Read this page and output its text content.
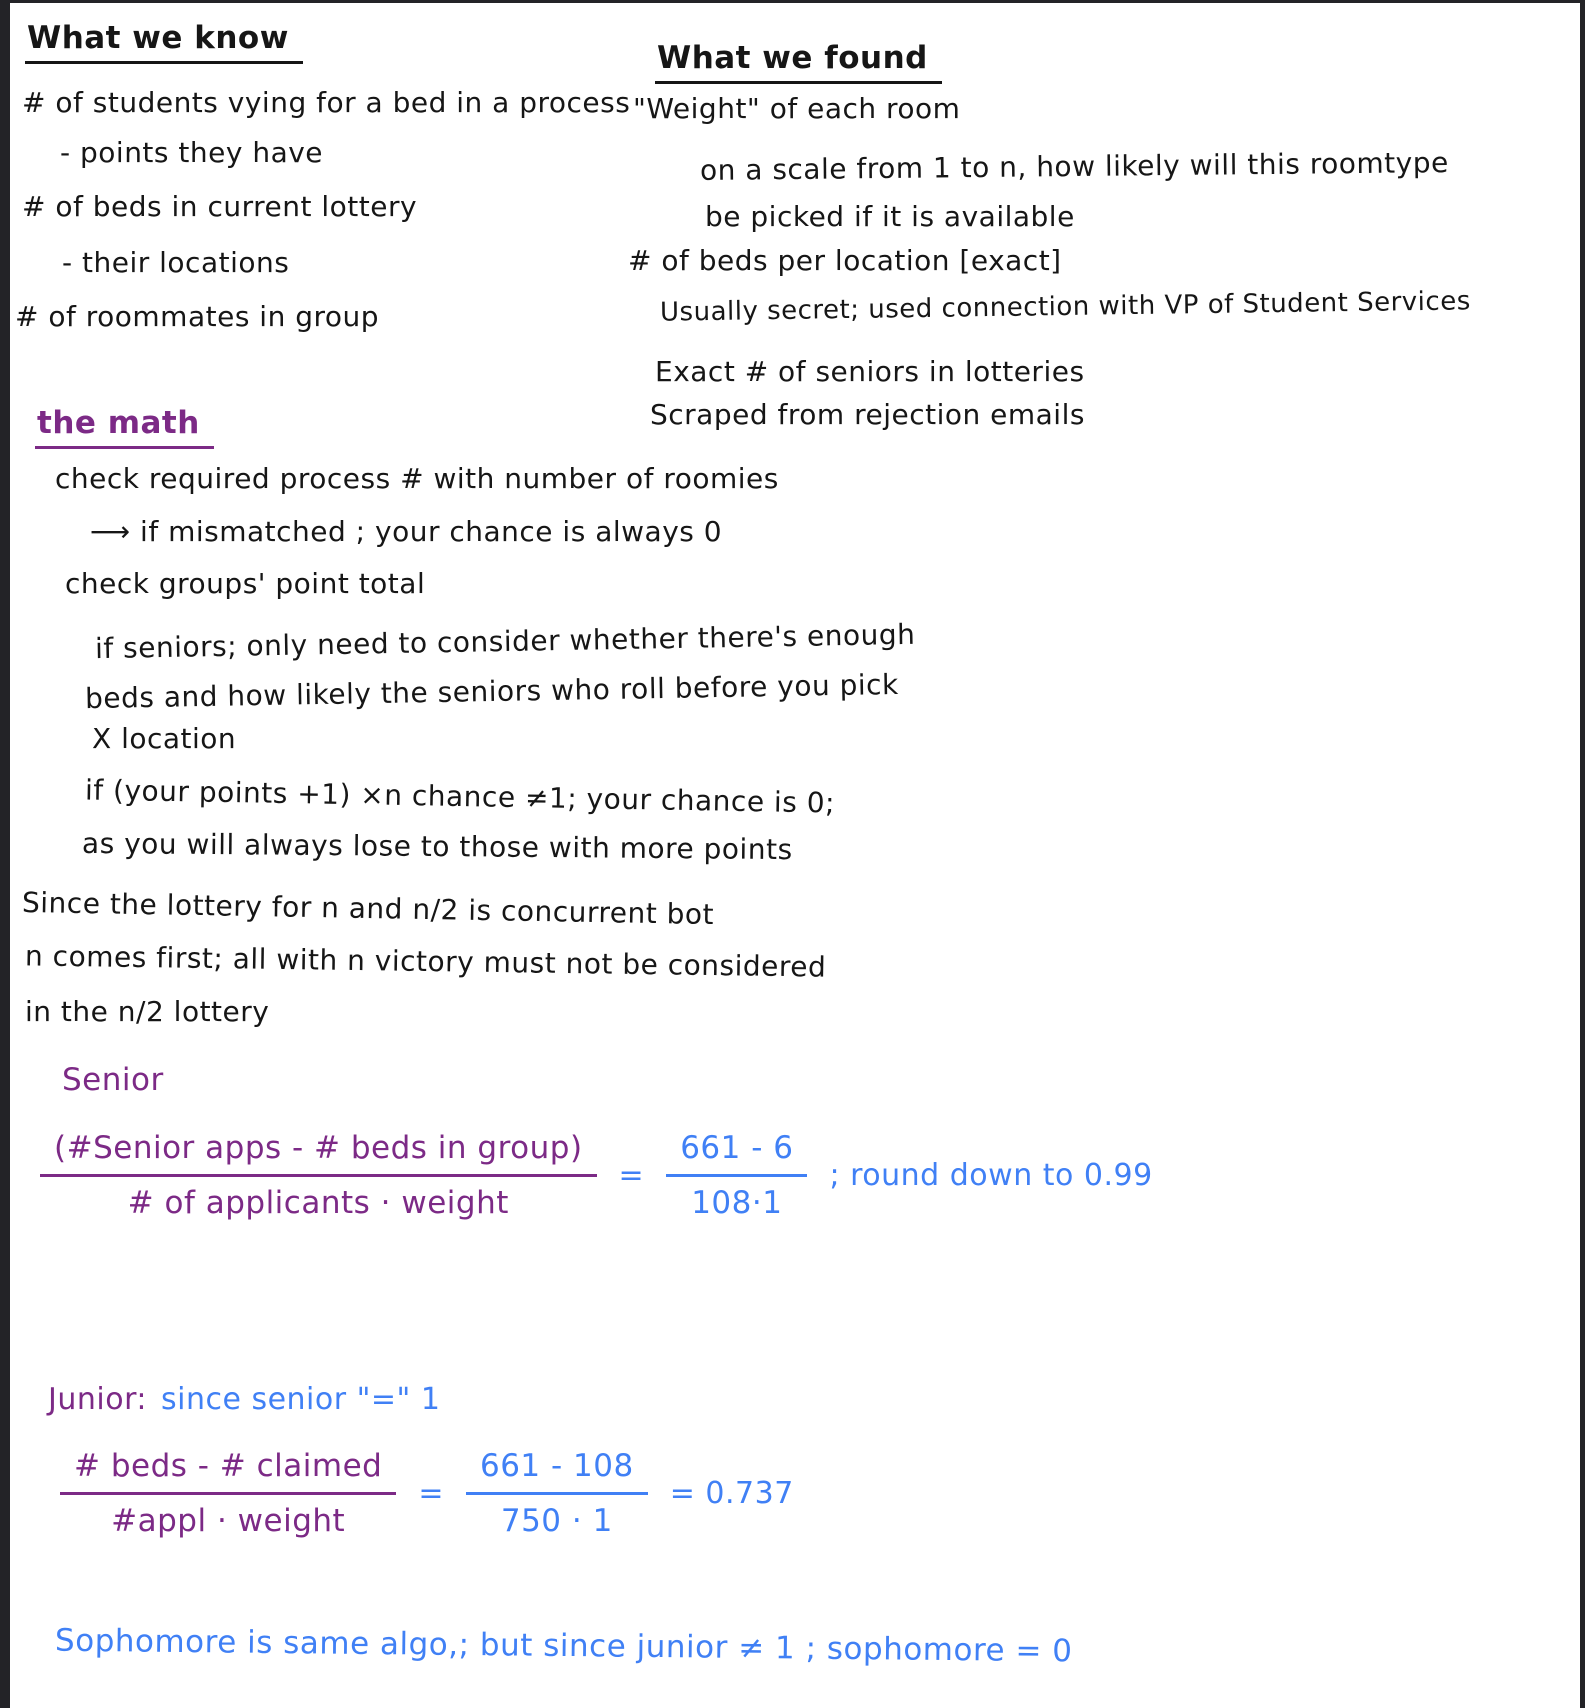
What we know
# of students vying for a bed in a process
- points they have
# of beds in current lottery
- their locations
# of roommates in group
What we found
"Weight" of each room
on a scale from 1 to n, how likely will this roomtype
be picked if it is available
# of beds per location [exact]
Usually secret; used connection with VP of Student Services
Exact # of seniors in lotteries
Scraped from rejection emails
the math
check required process # with number of roomies
⟶ if mismatched ; your chance is always 0
check groups' point total
if seniors; only need to consider whether there's enough
beds and how likely the seniors who roll before you pick
X location
if (your points +1) ×n chance ≠1; your chance is 0;
as you will always lose to those with more points
Since the lottery for n and n/2 is concurrent bot
n comes first; all with n victory must not be considered
in the n/2 lottery
Senior
$\frac{\text{(\#Senior apps - \# beds in group)}}{\text{\# of applicants · weight}} = \frac{661 - 6}{108\cdot 1}$ ; round down to 0.99
Junior: since senior "=" 1
$\frac{\text{\# beds - \# claimed}}{\text{\#appl · weight}} = \frac{661 - 108}{750 \cdot 1} = 0.737$
Sophomore is same algo,; but since junior ≠ 1 ; sophomore = 0
